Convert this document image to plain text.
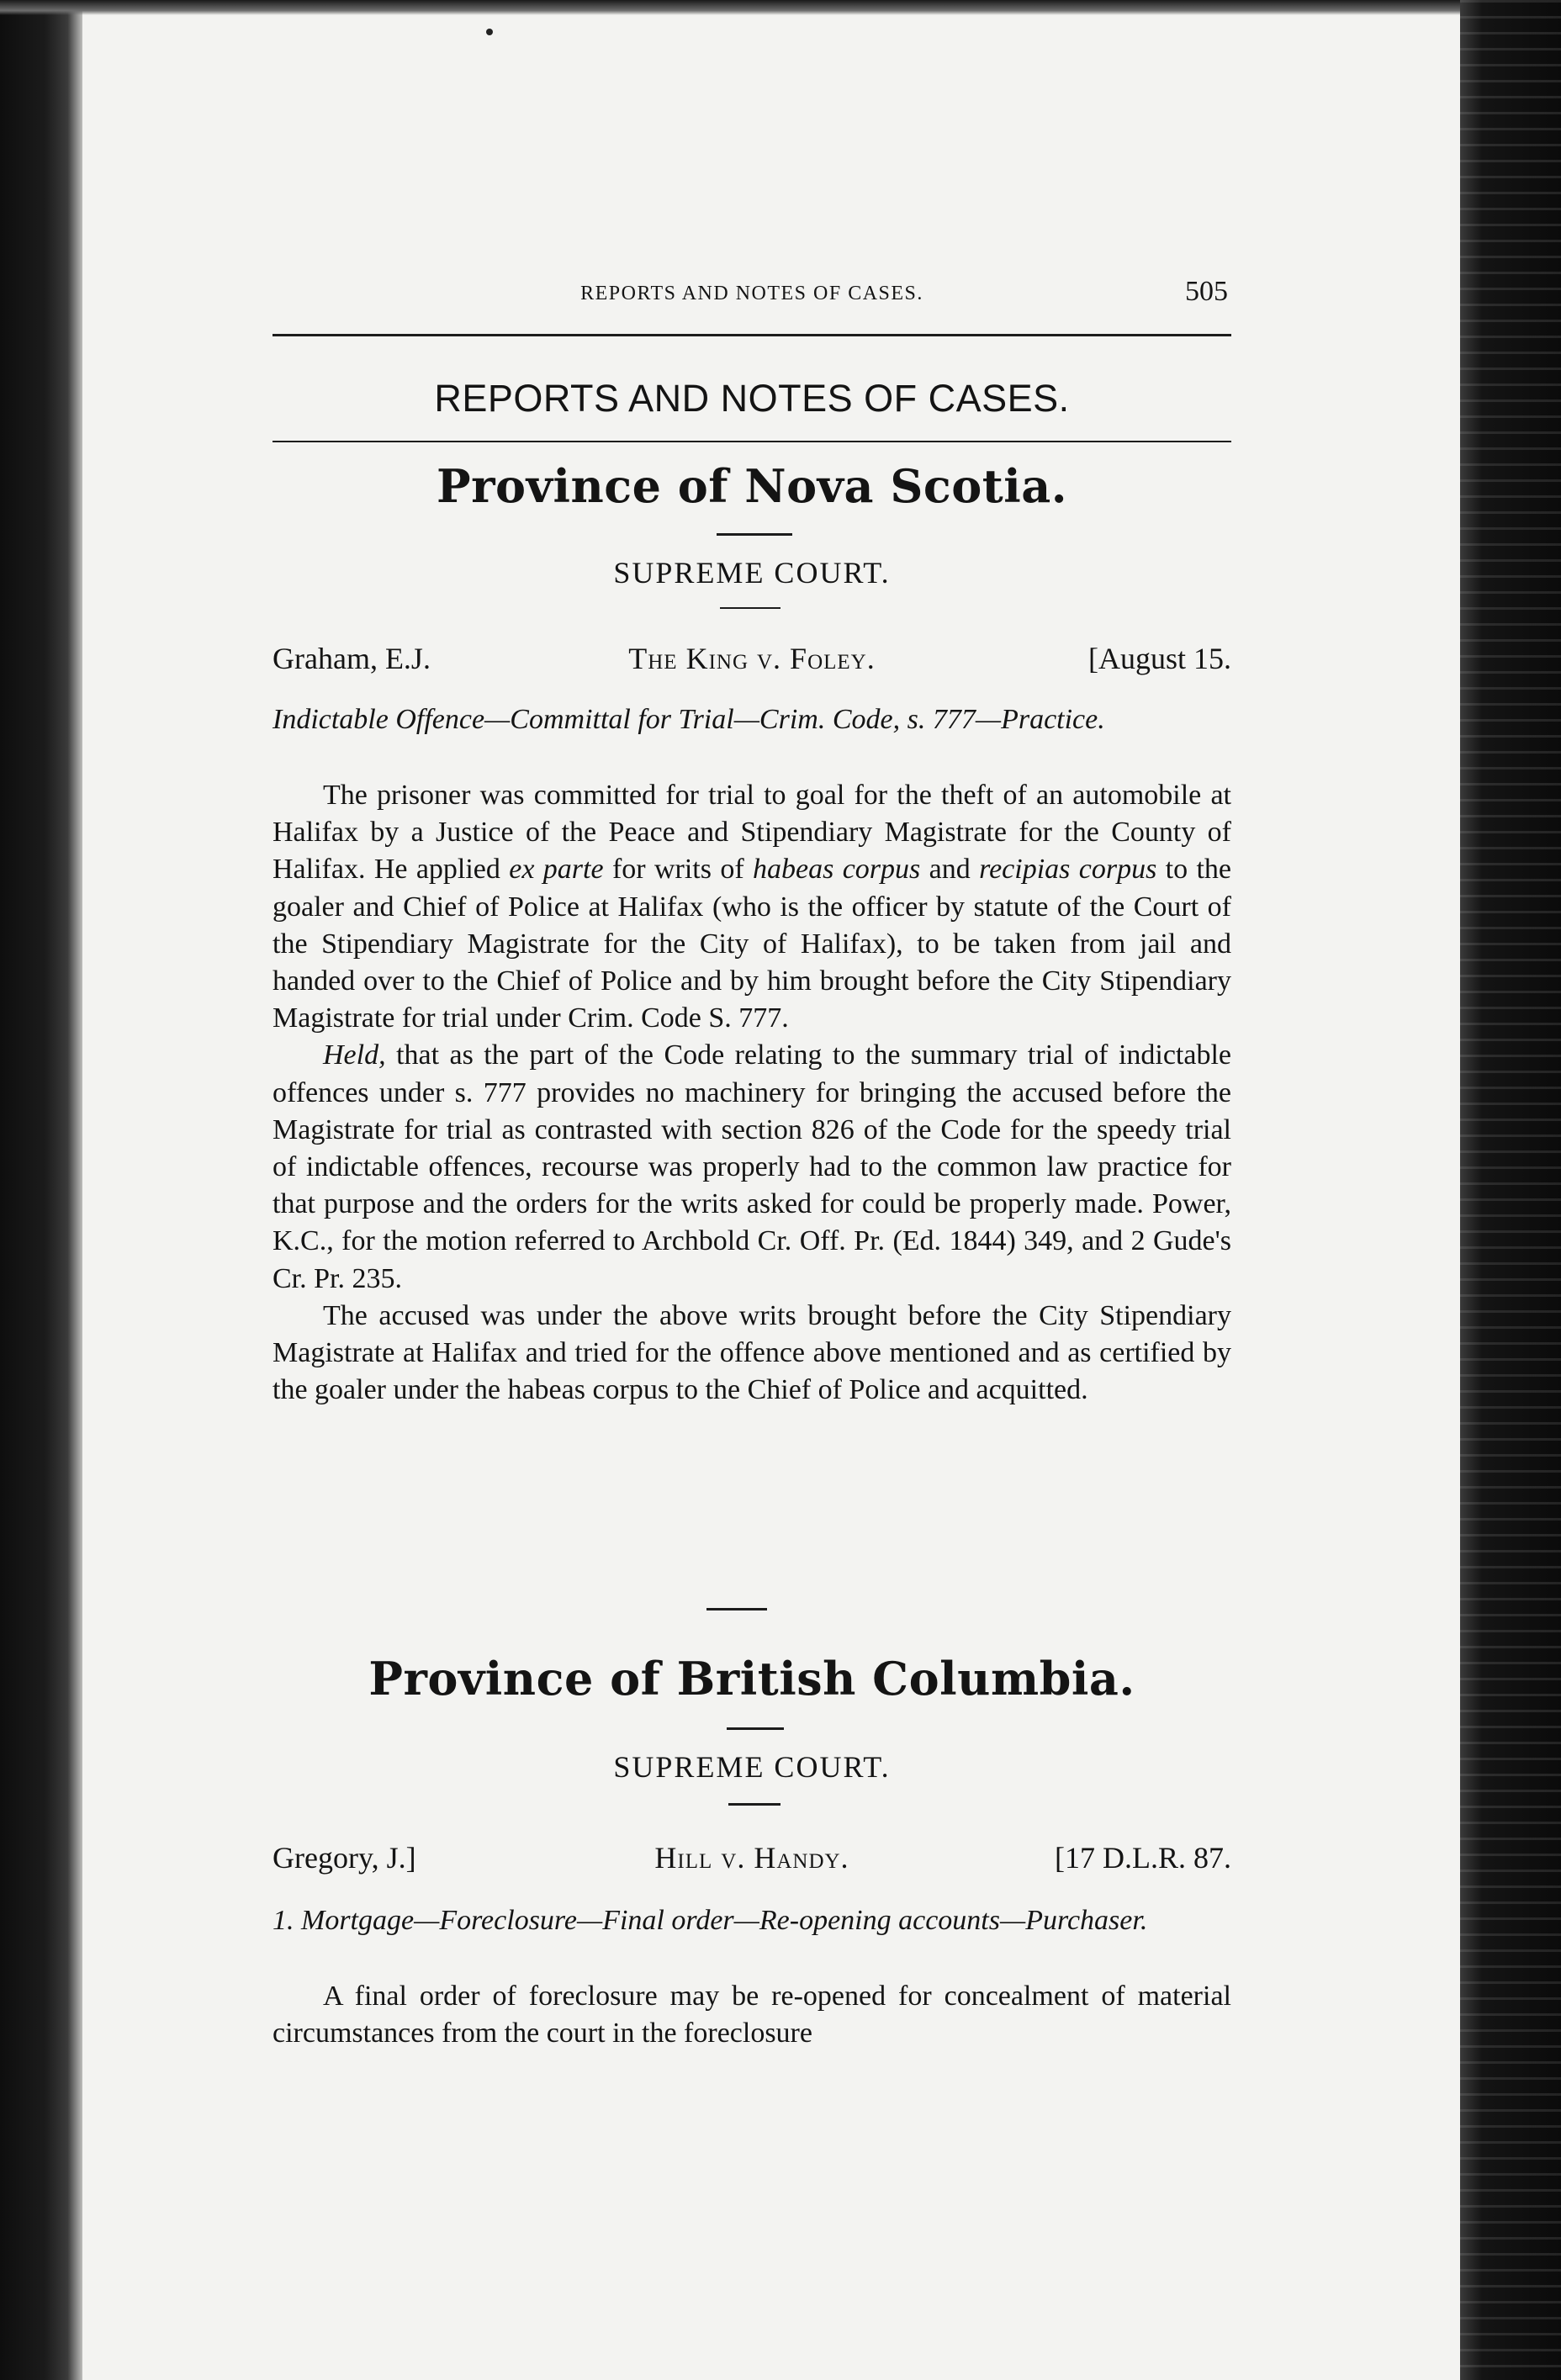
REPORTS AND NOTES OF CASES.	505
REPORTS AND NOTES OF CASES.
Province of Nova Scotia.
SUPREME COURT.
Graham, E.J.	The King v. Foley.	[August 15.

Indictable Offence—Committal for Trial—Crim. Code, s. 777—Practice.

The prisoner was committed for trial to goal for the theft of an automobile at Halifax by a Justice of the Peace and Stipendiary Magistrate for the County of Halifax. He applied ex parte for writs of habeas corpus and recipias corpus to the goaler and Chief of Police at Halifax (who is the officer by statute of the Court of the Stipendiary Magistrate for the City of Halifax), to be taken from jail and handed over to the Chief of Police and by him brought before the City Stipendiary Magistrate for trial under Crim. Code S. 777.

Held, that as the part of the Code relating to the summary trial of indictable offences under s. 777 provides no machinery for bringing the accused before the Magistrate for trial as contrasted with section 826 of the Code for the speedy trial of indictable offences, recourse was properly had to the common law practice for that purpose and the orders for the writs asked for could be properly made. Power, K.C., for the motion referred to Archbold Cr. Off. Pr. (Ed. 1844) 349, and 2 Gude's Cr. Pr. 235.

The accused was under the above writs brought before the City Stipendiary Magistrate at Halifax and tried for the offence above mentioned and as certified by the goaler under the habeas corpus to the Chief of Police and acquitted.

Province of British Columbia.
SUPREME COURT.
Gregory, J.]	Hill v. Handy.	[17 D.L.R. 87.

1. Mortgage—Foreclosure—Final order—Re-opening accounts—Purchaser.

A final order of foreclosure may be re-opened for concealment of material circumstances from the court in the foreclosure
